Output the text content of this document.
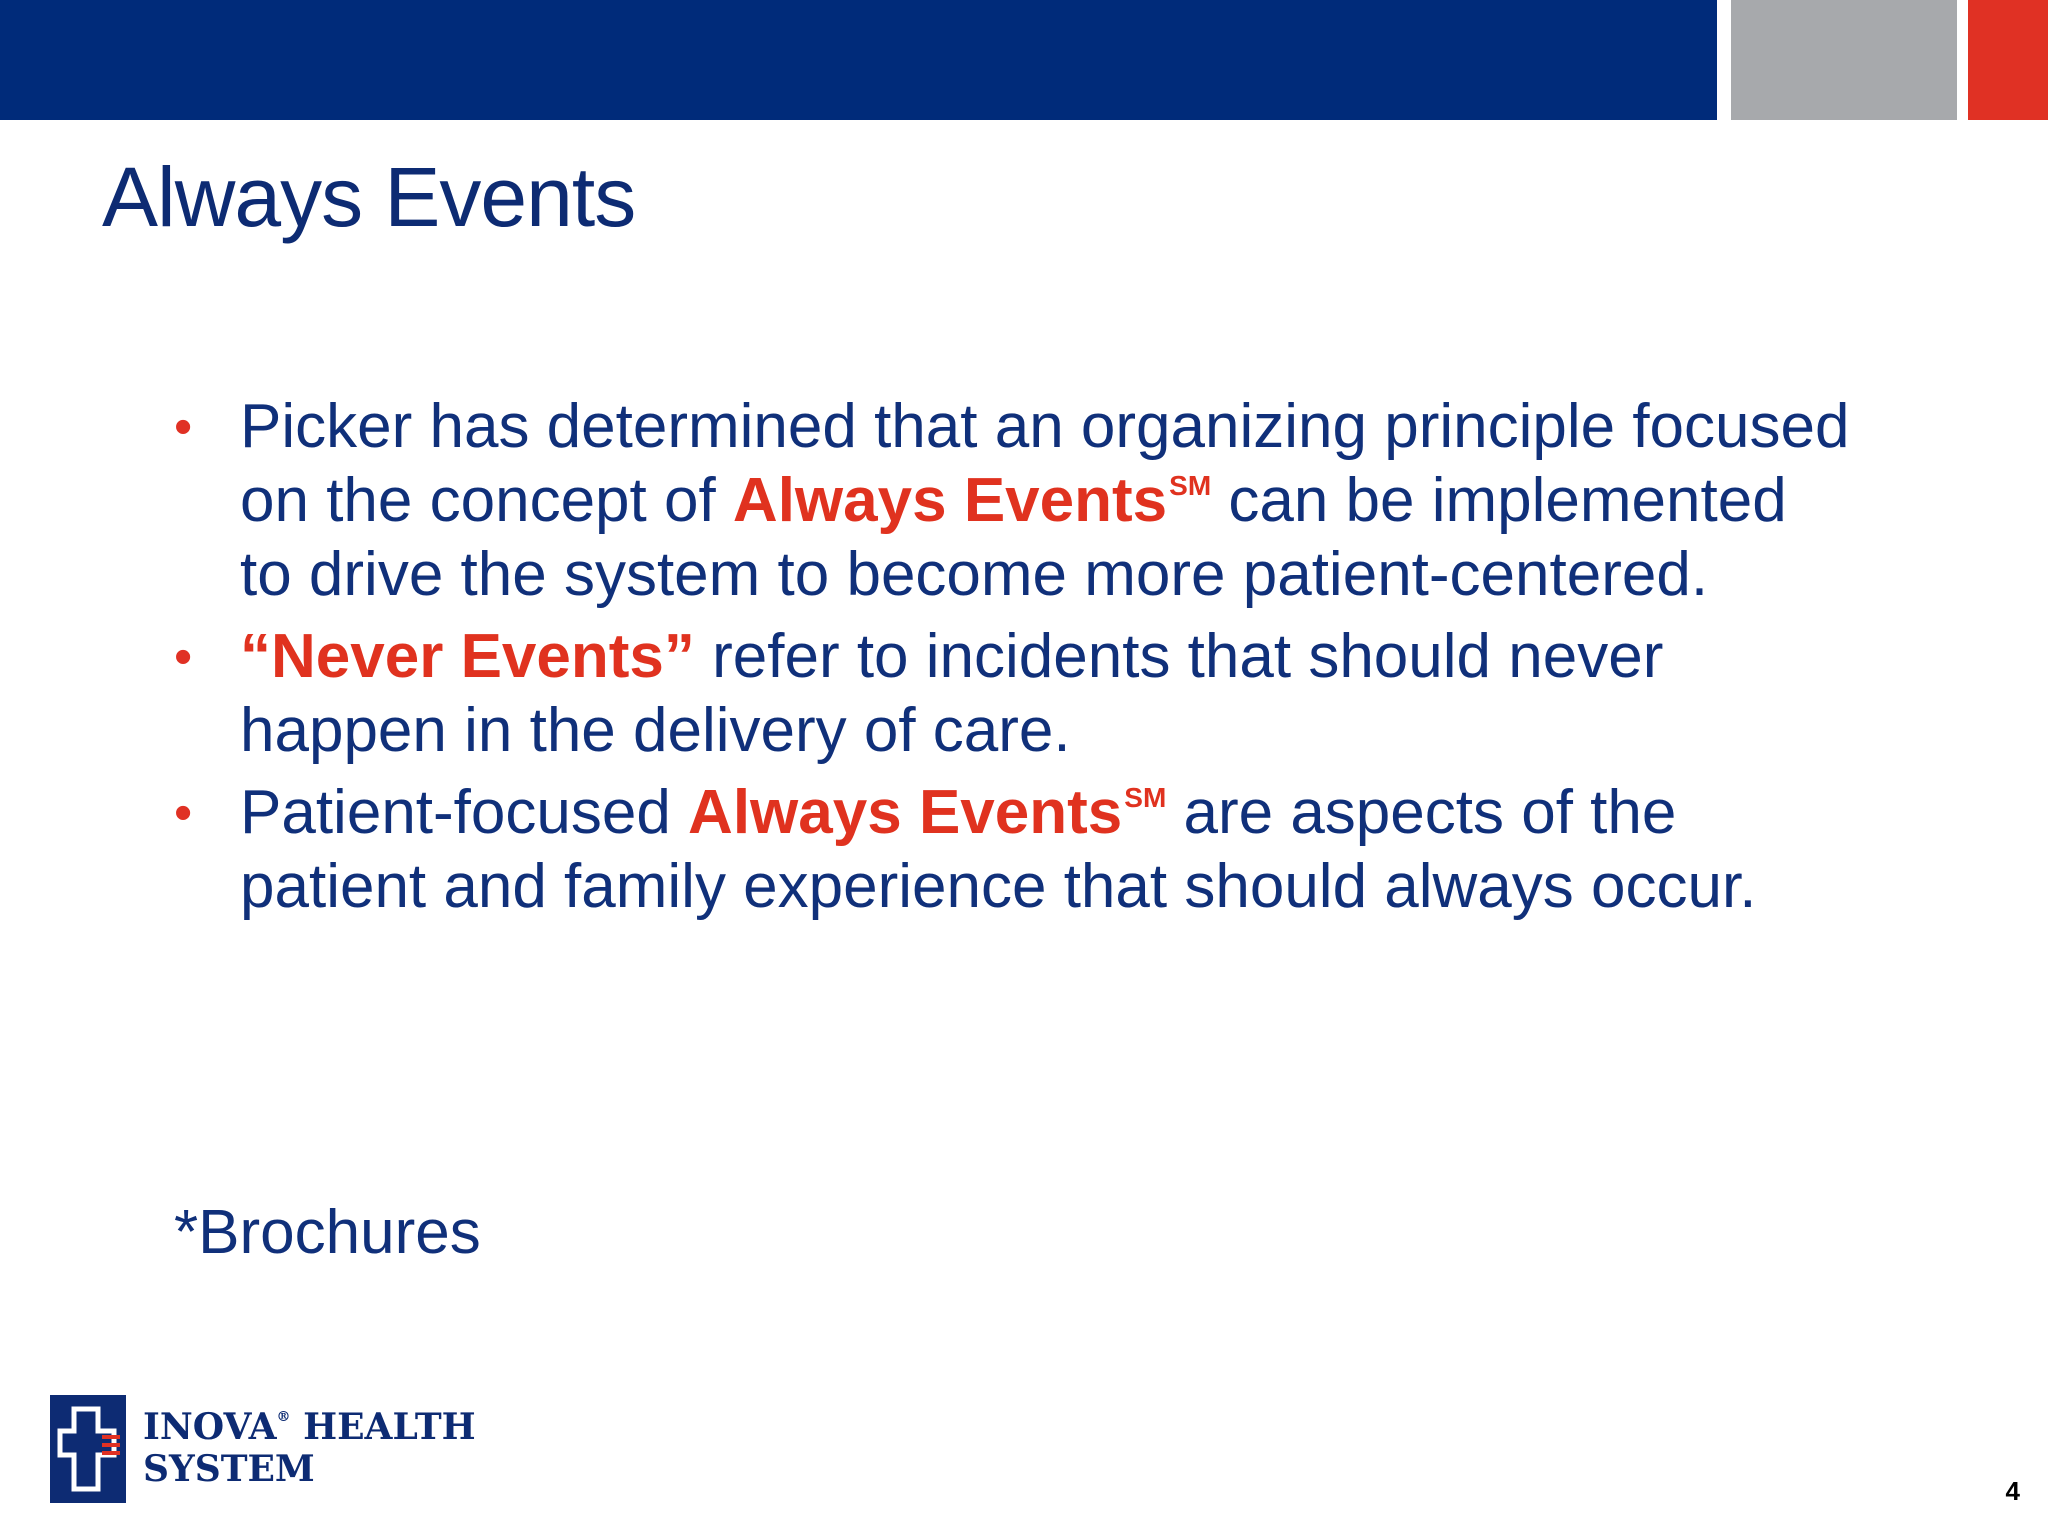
Always Events
• Picker has determined that an organizing principle focused on the concept of Always Events℠ can be implemented to drive the system to become more patient-centered.
• “Never Events” refer to incidents that should never happen in the delivery of care.
• Patient-focused Always Events℠ are aspects of the patient and family experience that should always occur.

*Brochures

INOVA® HEALTH
SYSTEM
4
